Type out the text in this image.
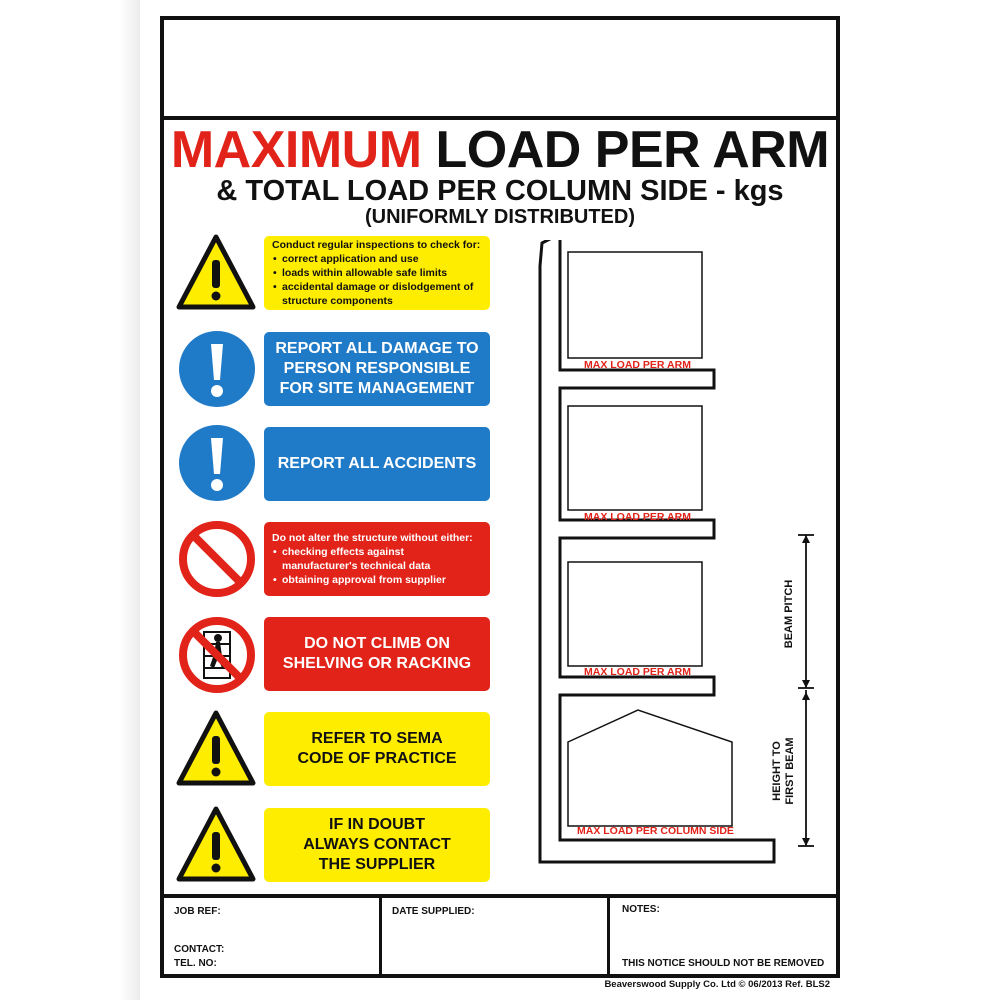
MAXIMUM LOAD PER ARM
& TOTAL LOAD PER COLUMN SIDE - kgs
(UNIFORMLY DISTRIBUTED)
Conduct regular inspections to check for:
• correct application and use
• loads within allowable safe limits
• accidental damage or dislodgement of structure components
REPORT ALL DAMAGE TO
PERSON RESPONSIBLE
FOR SITE MANAGEMENT
REPORT ALL ACCIDENTS
Do not alter the structure without either:
• checking effects against manufacturer's technical data
• obtaining approval from supplier
DO NOT CLIMB ON
SHELVING OR RACKING
REFER TO SEMA
CODE OF PRACTICE
IF IN DOUBT
ALWAYS CONTACT
THE SUPPLIER
MAX LOAD PER ARM
MAX LOAD PER ARM
MAX LOAD PER ARM
MAX LOAD PER COLUMN SIDE
BEAM PITCH
HEIGHT TO FIRST BEAM
JOB REF:
CONTACT:
TEL. NO:
DATE SUPPLIED:	NOTES:
THIS NOTICE SHOULD NOT BE REMOVED
Beaverswood Supply Co. Ltd © 06/2013 Ref. BLS2
